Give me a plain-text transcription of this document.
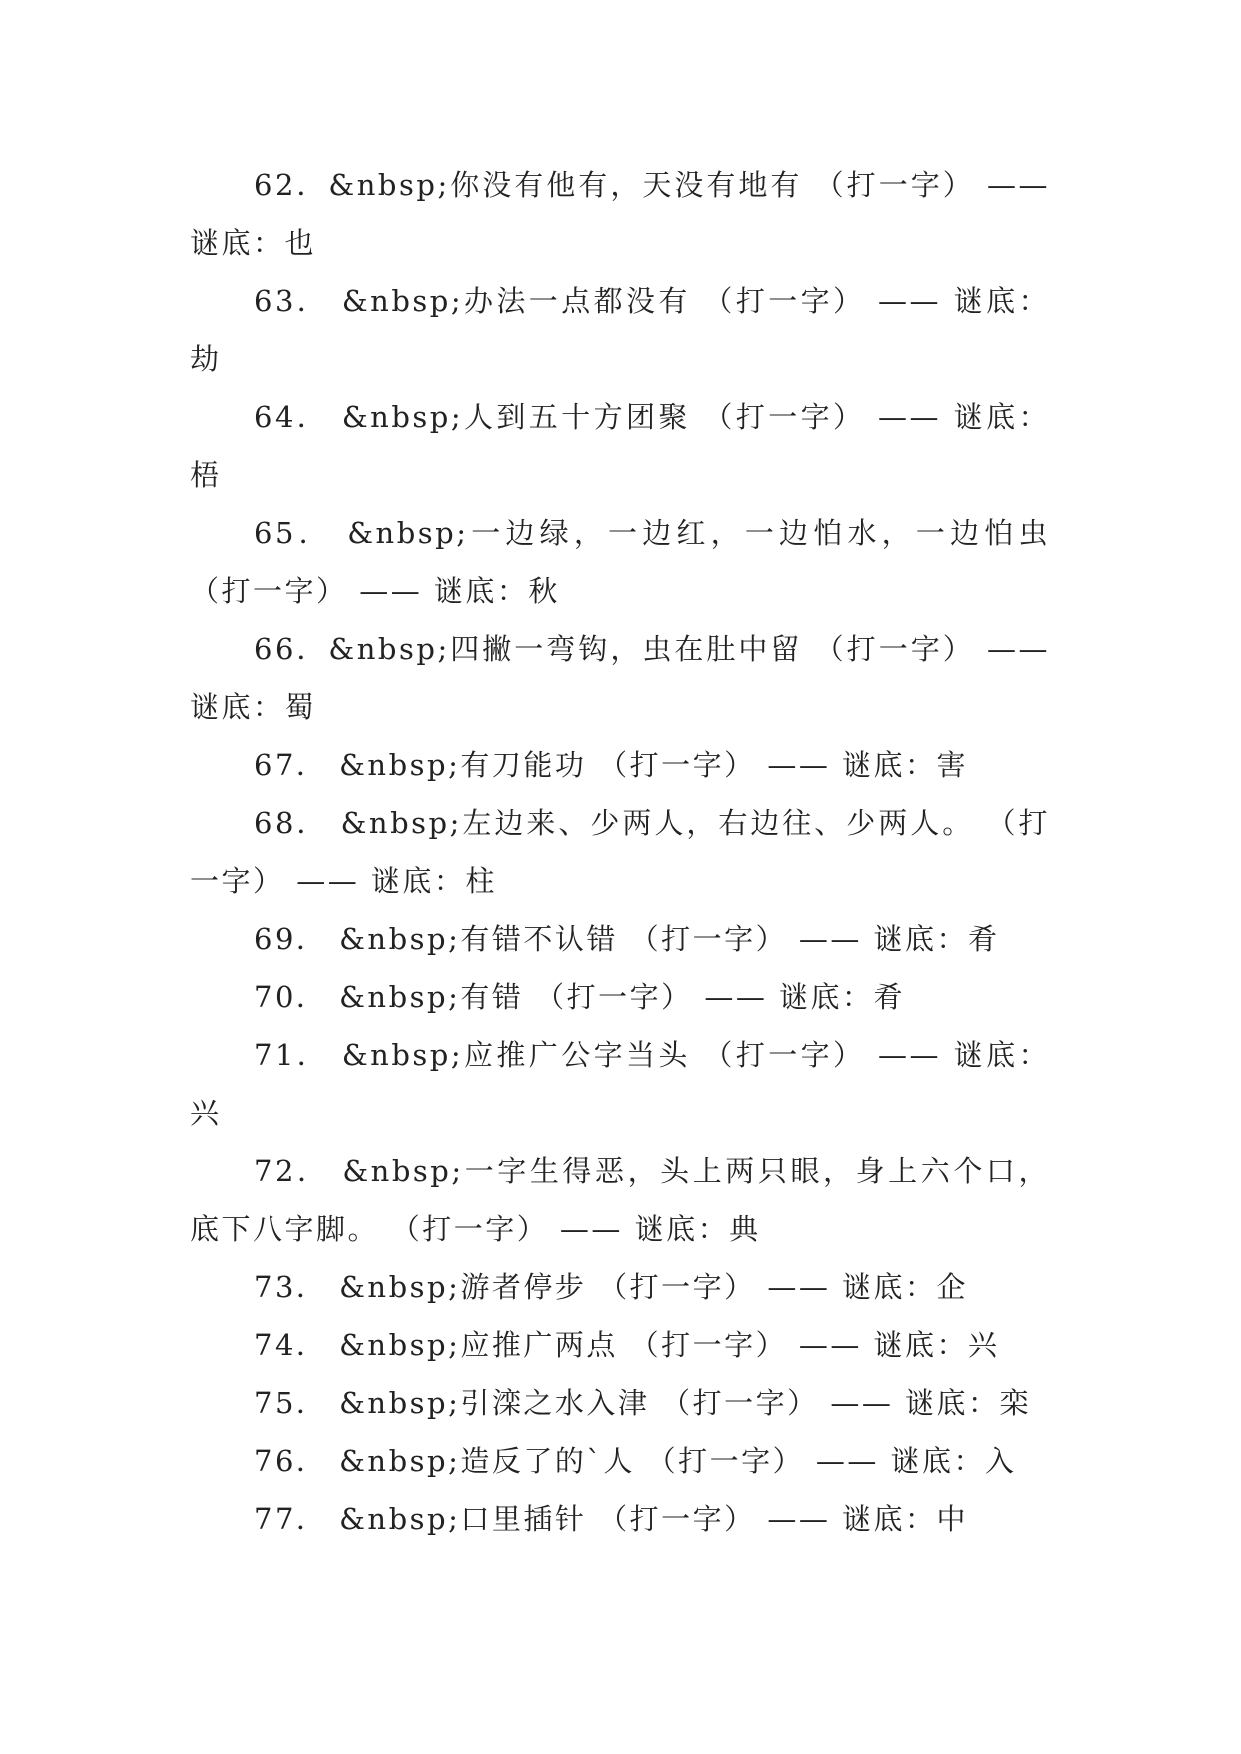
62．&nbsp;你没有他有，天没有地有 （打一字） —— 谜底：也

63． &nbsp;办法一点都没有 （打一字） —— 谜底：劫

64． &nbsp;人到五十方团聚 （打一字） —— 谜底：梧

65． &nbsp;一边绿，一边红，一边怕水，一边怕虫 （打一字） —— 谜底：秋

66．&nbsp;四撇一弯钩，虫在肚中留 （打一字） —— 谜底：蜀

67． &nbsp;有刀能功 （打一字） —— 谜底：害

68． &nbsp;左边来、少两人，右边往、少两人。 （打一字） —— 谜底：柱

69． &nbsp;有错不认错 （打一字） —— 谜底：肴

70． &nbsp;有错 （打一字） —— 谜底：肴

71． &nbsp;应推广公字当头 （打一字） —— 谜底：兴

72． &nbsp;一字生得恶，头上两只眼，身上六个口，底下八字脚。 （打一字） —— 谜底：典

73． &nbsp;游者停步 （打一字） —— 谜底：企

74． &nbsp;应推广两点 （打一字） —— 谜底：兴

75． &nbsp;引滦之水入津 （打一字） —— 谜底：栾

76． &nbsp;造反了的`人 （打一字） —— 谜底：入

77． &nbsp;口里插针 （打一字） —— 谜底：中
